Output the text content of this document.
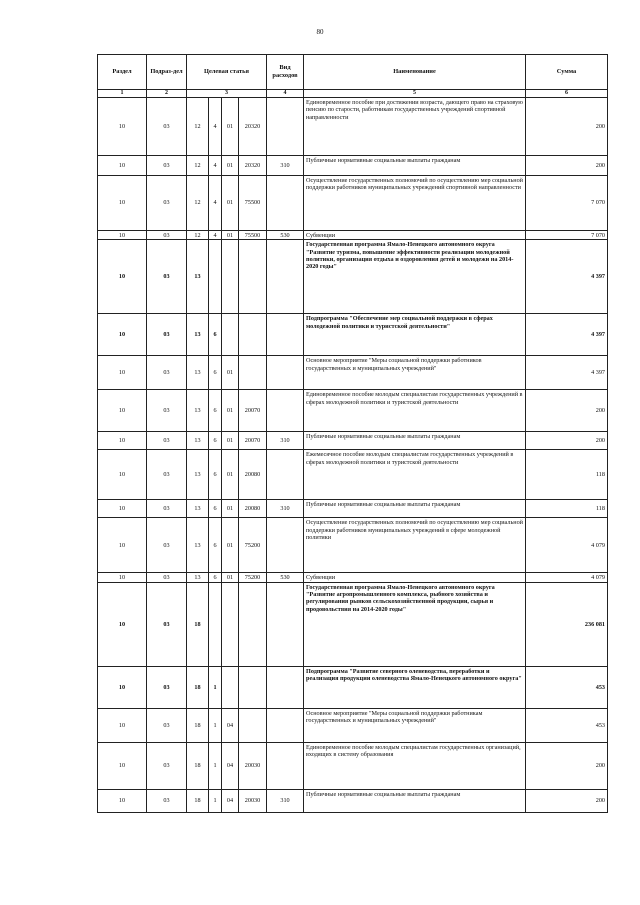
80
Раздел	Подраз-дел	Целевая статья				Вид расходов	Наименование	Сумма
1	2	3				4	5	6
10	03	12	4	01	20320		Единовременное пособие при достижении возраста, дающего право на страховую пенсию по старости, работникам государственных учреждений спортивной направленности	200
10	03	12	4	01	20320	310	Публичные нормативные социальные выплаты гражданам	200
10	03	12	4	01	75500		Осуществление государственных полномочий по осуществлению мер социальной поддержки работников муниципальных учреждений спортивной направленности	7 070
10	03	12	4	01	75500	530	Субвенции	7 070
10	03	13					Государственная программа Ямало-Ненецкого автономного округа "Развитие туризма, повышение эффективности реализации молодежной политики, организация отдыха и оздоровления детей и молодежи на 2014-2020 годы"	4 397
10	03	13	6				Подпрограмма "Обеспечение мер социальной поддержки в сферах молодежной политики и туристской деятельности"	4 397
10	03	13	6	01			Основное мероприятие "Меры социальной поддержки работников государственных и муниципальных учреждений"	4 397
10	03	13	6	01	20070		Единовременное пособие молодым специалистам государственных учреждений в сферах молодежной политики и туристской деятельности	200
10	03	13	6	01	20070	310	Публичные нормативные социальные выплаты гражданам	200
10	03	13	6	01	20080		Ежемесячное пособие молодым специалистам государственных учреждений в сферах молодежной политики и туристской деятельности	118
10	03	13	6	01	20080	310	Публичные нормативные социальные выплаты гражданам	118
10	03	13	6	01	75200		Осуществление государственных полномочий по осуществлению мер социальной поддержки работников муниципальных учреждений в сфере молодежной политики	4 079
10	03	13	6	01	75200	530	Субвенции	4 079
10	03	18					Государственная программа Ямало-Ненецкого автономного округа "Развитие агропромышленного комплекса, рыбного хозяйства и регулирования рынков сельскохозяйственной продукции, сырья и продовольствия на 2014-2020 годы"	236 081
10	03	18	1				Подпрограмма "Развитие северного оленеводства, переработки и реализация продукции оленеводства Ямало-Ненецкого автономного округа"	453
10	03	18	1	04			Основное мероприятие "Меры социальной поддержки работникам государственных и муниципальных учреждений"	453
10	03	18	1	04	20030		Единовременное пособие молодым специалистам государственных организаций, входящих в систему образования	200
10	03	18	1	04	20030	310	Публичные нормативные социальные выплаты гражданам	200
